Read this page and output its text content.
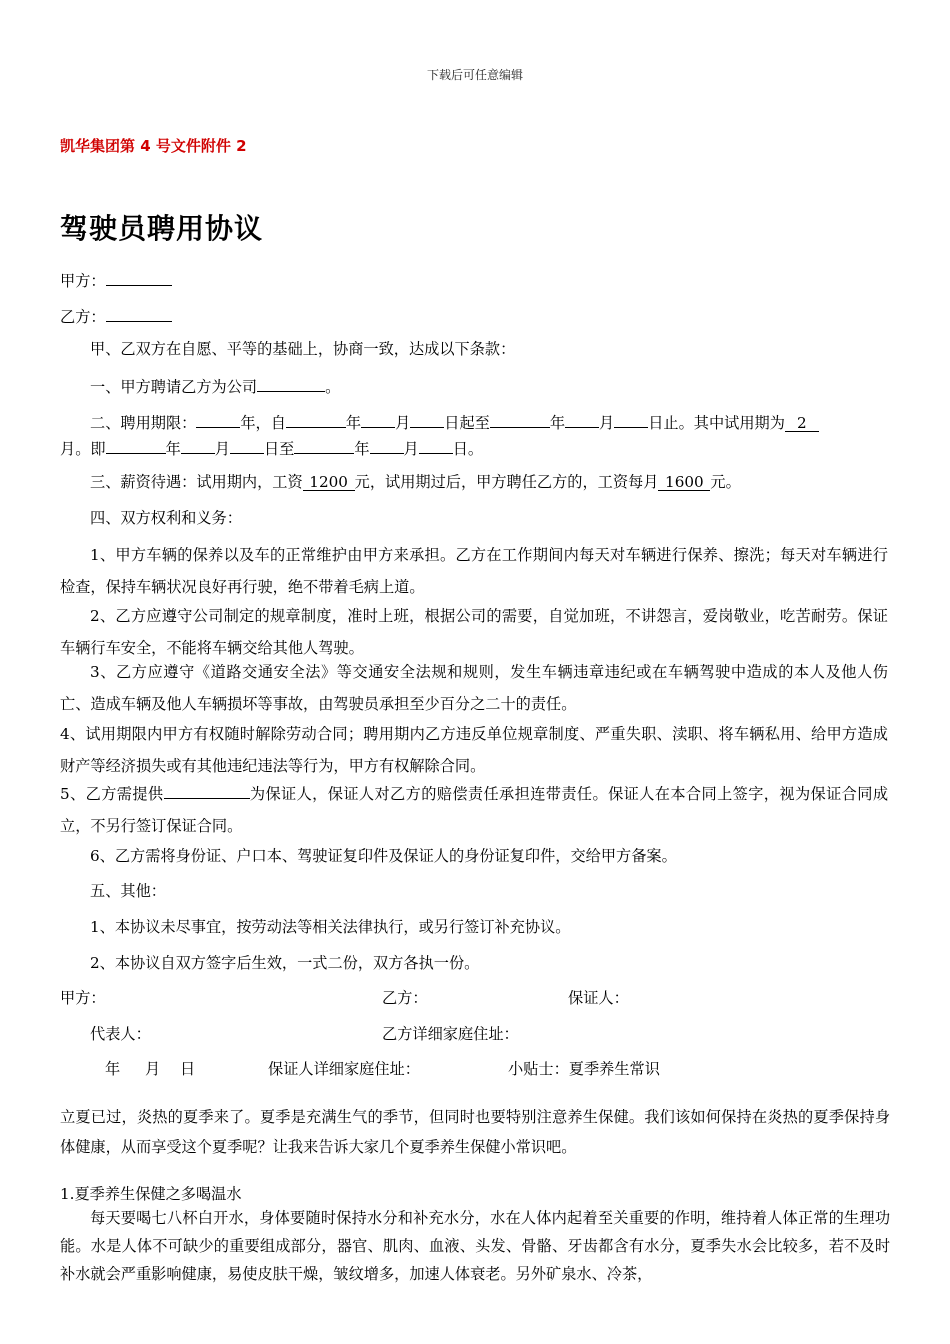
下载后可任意编辑
凯华集团第 4 号文件附件 2
驾驶员聘用协议
甲方：
乙方：
甲、乙双方在自愿、平等的基础上，协商一致，达成以下条款：
一、甲方聘请乙方为公司	。
二、聘用期限：	年，自	年 月 日起至	年 月 日止。其中试用期为 2
月。即	年 月 日至	年 月 日。
三、薪资待遇：试用期内，工资 1200 元，试用期过后，甲方聘任乙方的，工资每月 1600 元。
四、双方权利和义务：
1、甲方车辆的保养以及车的正常维护由甲方来承担。乙方在工作期间内每天对车辆进行保养、擦洗；每天对车辆进行检查，保持车辆状况良好再行驶，绝不带着毛病上道。
2、乙方应遵守公司制定的规章制度，准时上班，根据公司的需要，自觉加班，不讲怨言，爱岗敬业，吃苦耐劳。保证车辆行车安全，不能将车辆交给其他人驾驶。
3、乙方应遵守《道路交通安全法》等交通安全法规和规则，发生车辆违章违纪或在车辆驾驶中造成的本人及他人伤亡、造成车辆及他人车辆损坏等事故，由驾驶员承担至少百分之二十的责任。
4、试用期限内甲方有权随时解除劳动合同；聘用期内乙方违反单位规章制度、严重失职、渎职、将车辆私用、给甲方造成财产等经济损失或有其他违纪违法等行为，甲方有权解除合同。
5、乙方需提供	为保证人，保证人对乙方的赔偿责任承担连带责任。保证人在本合同上签字，视为保证合同成立，不另行签订保证合同。
6、乙方需将身份证、户口本、驾驶证复印件及保证人的身份证复印件，交给甲方备案。
五、其他：
1、本协议未尽事宜，按劳动法等相关法律执行，或另行签订补充协议。
2、本协议自双方签字后生效，一式二份，双方各执一份。
甲方：	乙方：	保证人：
代表人：	乙方详细家庭住址：
年 月 日	保证人详细家庭住址：	小贴士：夏季养生常识
立夏已过，炎热的夏季来了。夏季是充满生气的季节，但同时也要特别注意养生保健。我们该如何保持在炎热的夏季保持身体健康，从而享受这个夏季呢？让我来告诉大家几个夏季养生保健小常识吧。
1.夏季养生保健之多喝温水
每天要喝七八杯白开水，身体要随时保持水分和补充水分，水在人体内起着至关重要的作明，维持着人体正常的生理功能。水是人体不可缺少的重要组成部分，器官、肌肉、血液、头发、骨骼、牙齿都含有水分，夏季失水会比较多，若不及时补水就会严重影响健康，易使皮肤干燥，皱纹增多，加速人体衰老。另外矿泉水、冷茶，
